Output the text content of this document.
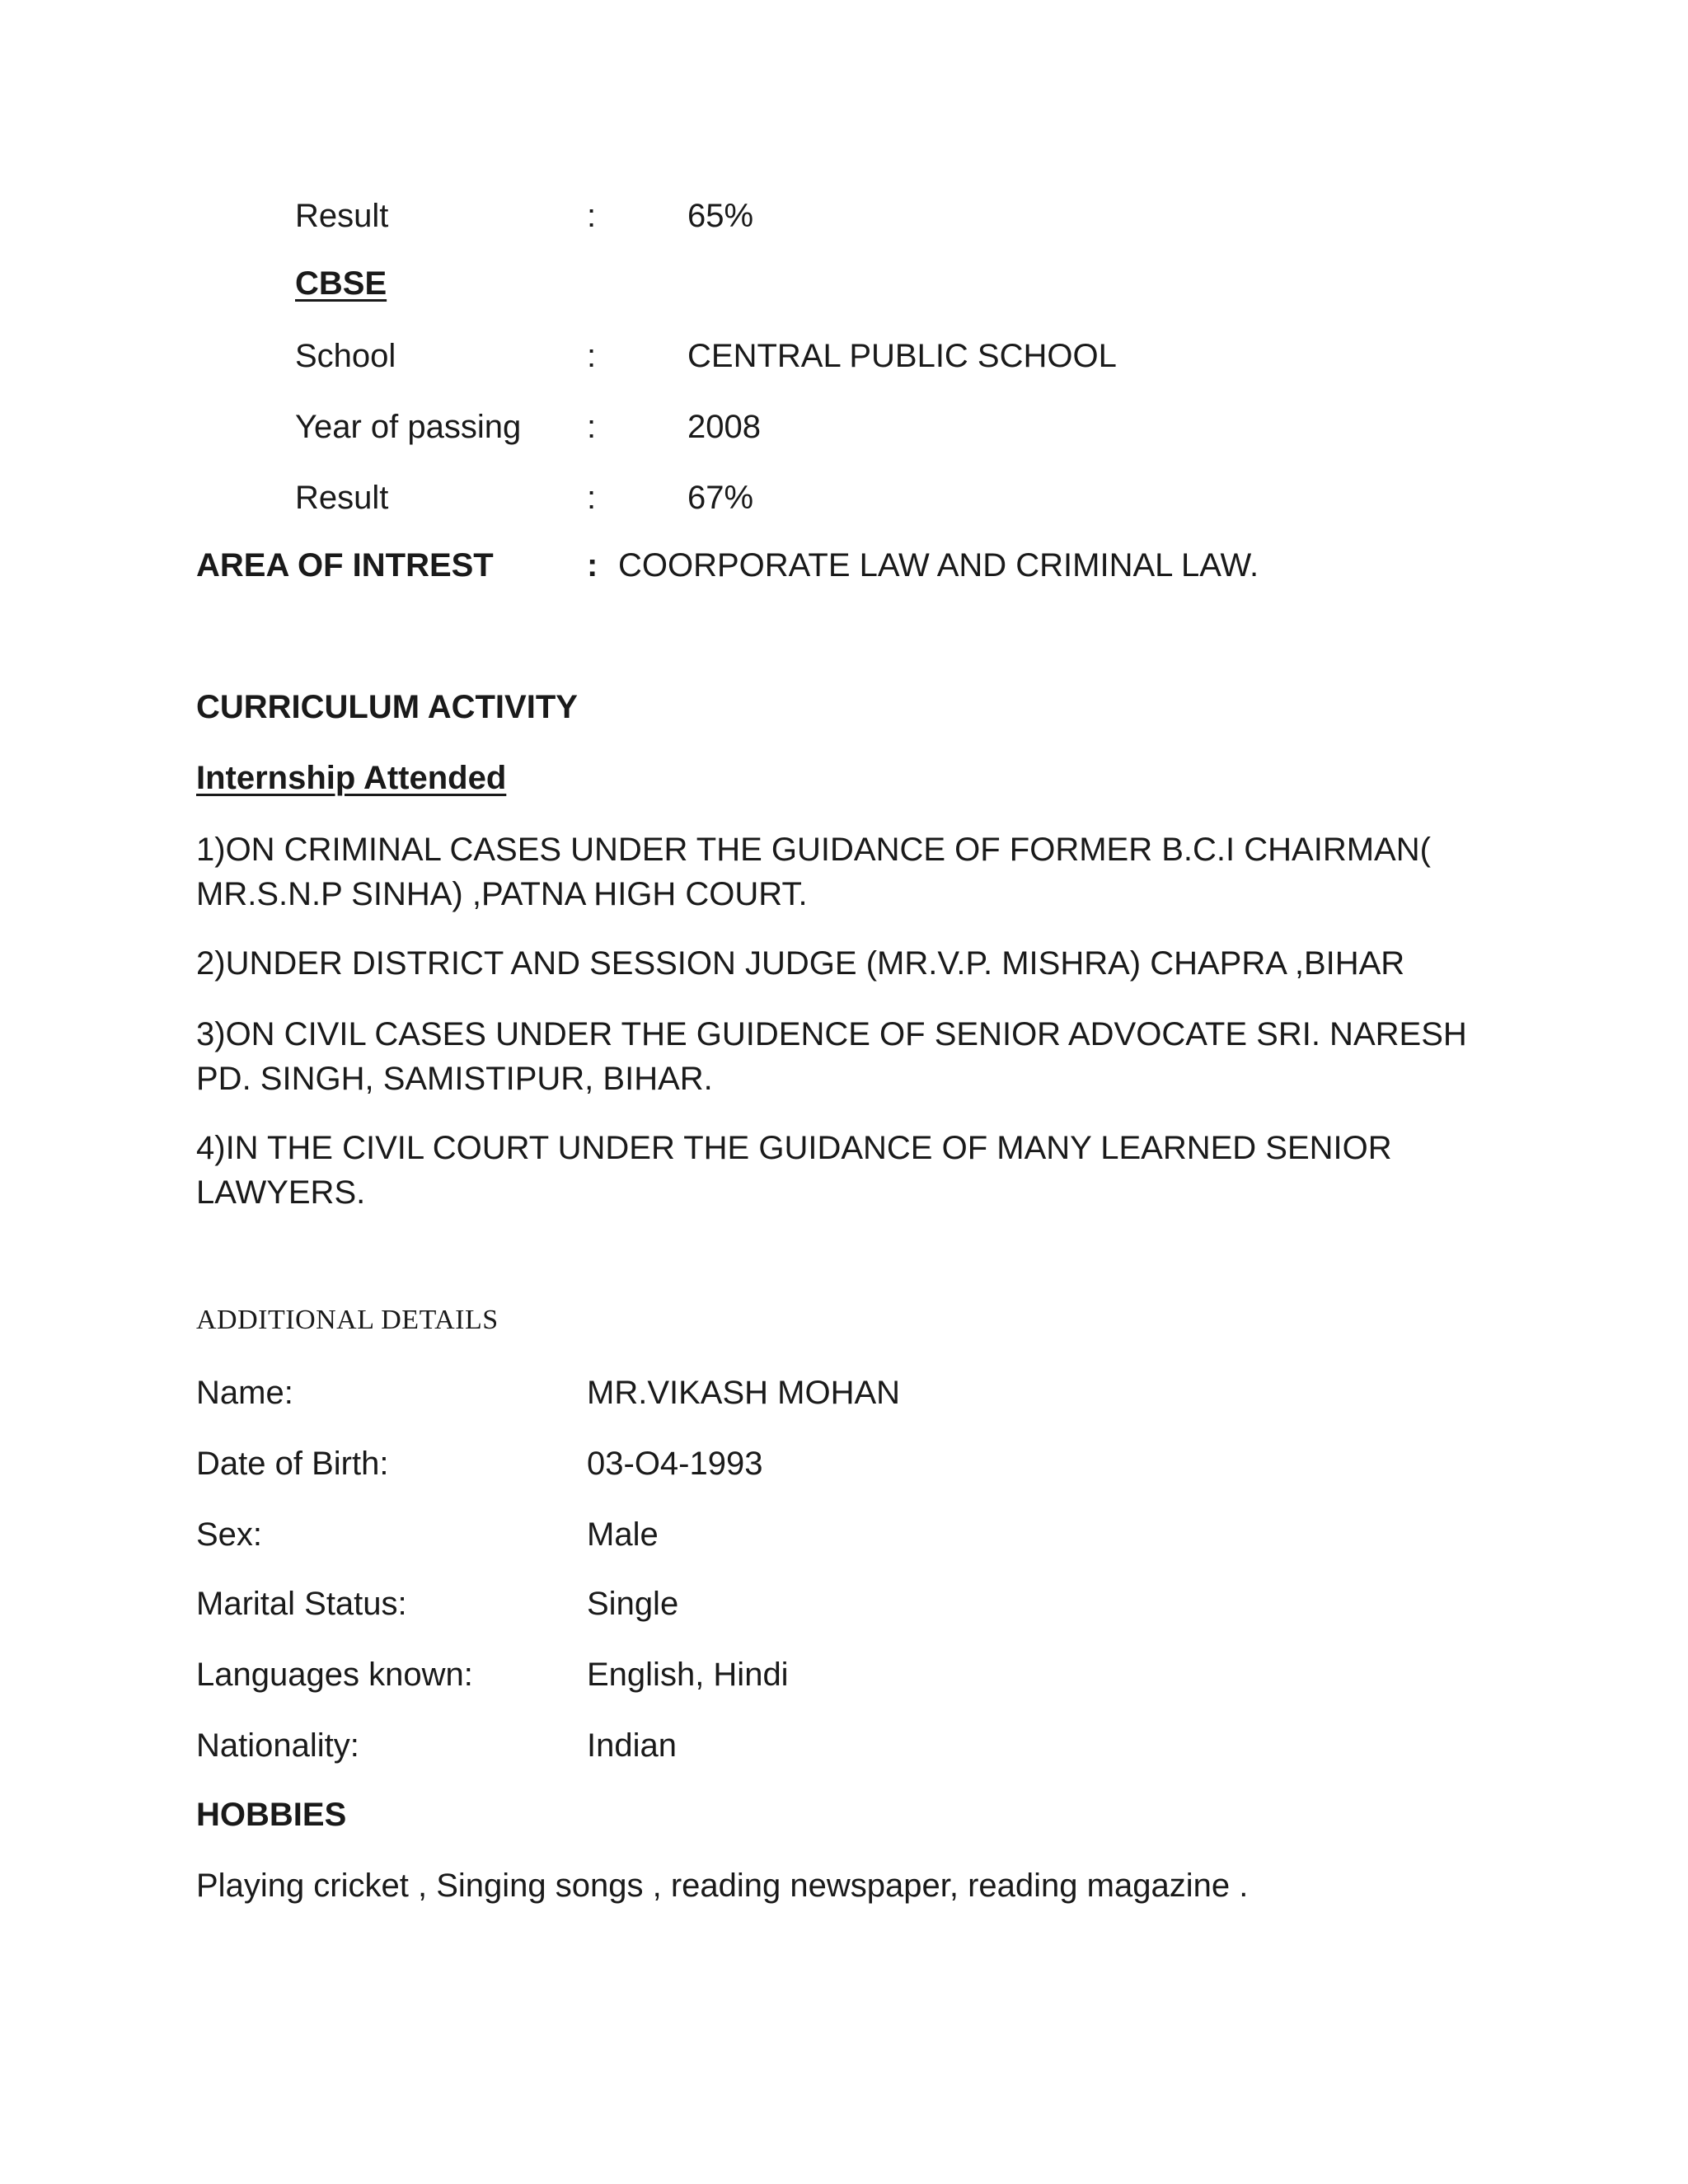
Result	:	65%
CBSE
School	:	CENTRAL PUBLIC SCHOOL
Year of passing :	2008
Result	:	67%
AREA OF INTREST	: COORPORATE LAW AND CRIMINAL LAW.
CURRICULUM ACTIVITY
Internship Attended
1)ON CRIMINAL CASES UNDER THE GUIDANCE OF FORMER B.C.I CHAIRMAN( MR.S.N.P SINHA) ,PATNA HIGH COURT.
2)UNDER DISTRICT AND SESSION JUDGE (MR.V.P. MISHRA) CHAPRA ,BIHAR
3)ON CIVIL CASES UNDER THE GUIDENCE OF SENIOR ADVOCATE SRI. NARESH PD. SINGH, SAMISTIPUR, BIHAR.
4)IN THE CIVIL COURT UNDER THE GUIDANCE OF MANY LEARNED SENIOR LAWYERS.
ADDITIONAL DETAILS
Name:	MR.VIKASH MOHAN
Date of Birth:	03-O4-1993
Sex:	Male
Marital Status:	Single
Languages known:	English, Hindi
Nationality:	Indian
HOBBIES
Playing cricket , Singing songs , reading newspaper, reading magazine .
